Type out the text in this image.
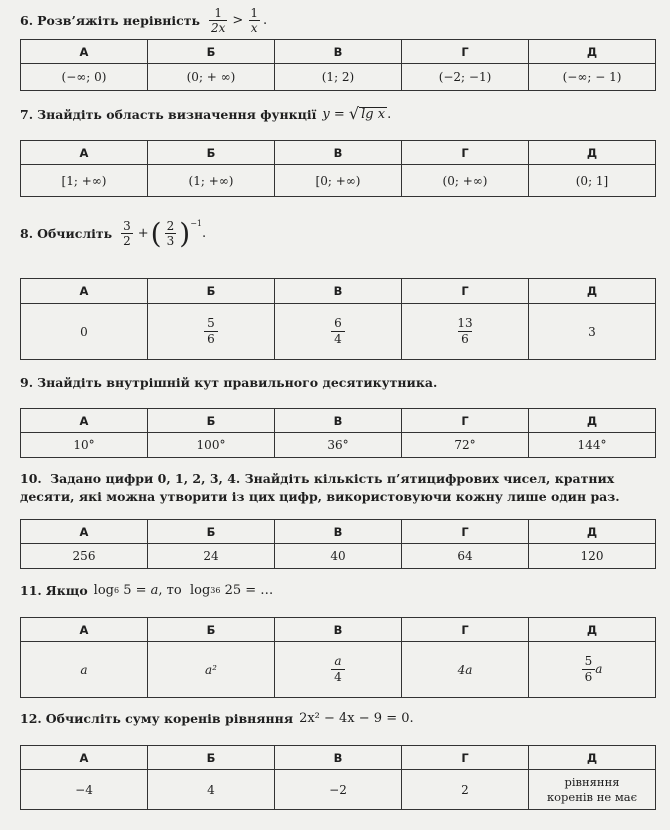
6. Розв’яжіть нерівність $\frac{1}{2x} > \frac{1}{x}$ .
А	Б	В	Г	Д
(−∞; 0)	(0; + ∞)	(1; 2)	(−2; −1)	(−∞; − 1)
7. Знайдіть область визначення функції y = √ lg x .
А	Б	В	Г	Д
[1; +∞)	(1; +∞)	[0; +∞)	(0; +∞)	(0; 1]
8. Обчисліть $\frac{3}{2}$ + ( $\frac{2}{3} )^{-1}$
.
А	Б	В	Г	Д
0	$\frac{5}{6}$	$\frac{6}{4}$	$\frac{13}{6}$	3
9. Знайдіть внутрішній кут правильного десятикутника.
А	Б	В	Г	Д
10°	100°	36°	72°	144°
10. Задано цифри 0, 1, 2, 3, 4. Знайдіть кількість п’ятицифрових чисел, кратних десяти, які можна утворити із цих цифр, використовуючи кожну лише один раз.
А	Б	В	Г	Д
256	24	40	64	120
11. Якщо log 6 5 = a , то  log 36 25 = …
А	Б	В	Г	Д
a	a²	$\frac{a}{4}$	4a	$\frac{5}{6}$ a
12. Обчисліть суму коренів рівняння 2x² − 4x − 9 = 0.
А	Б	В	Г	Д
−4	4	−2	2	рівняння коренів не має
